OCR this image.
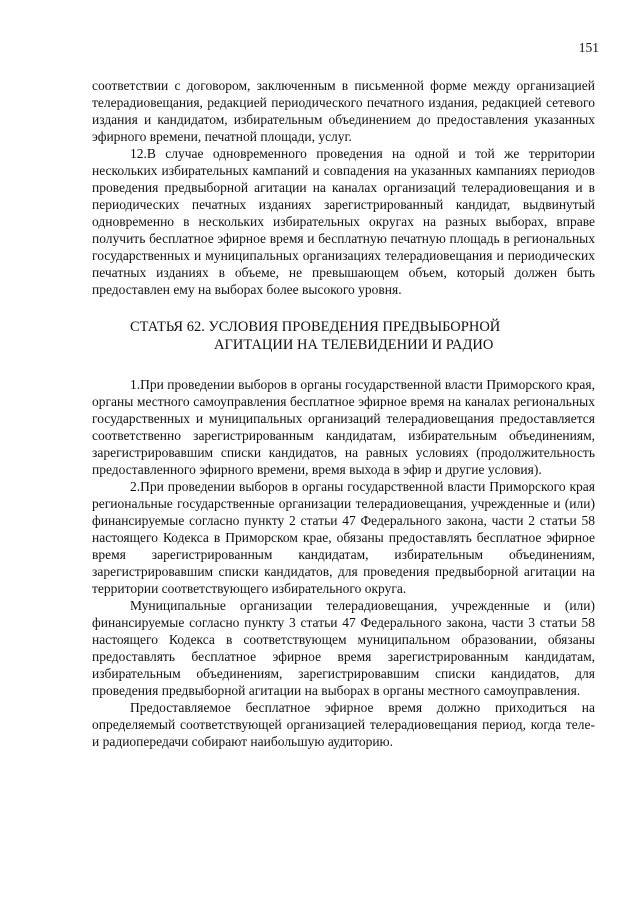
151

соответствии с договором, заключенным в письменной форме между организацией телерадиовещания, редакцией периодического печатного издания, редакцией сетевого издания и кандидатом, избирательным объединением до предоставления указанных эфирного времени, печатной площади, услуг.

12.В случае одновременного проведения на одной и той же территории нескольких избирательных кампаний и совпадения на указанных кампаниях периодов проведения предвыборной агитации на каналах организаций телерадиовещания и в периодических печатных изданиях зарегистрированный кандидат, выдвинутый одновременно в нескольких избирательных округах на разных выборах, вправе получить бесплатное эфирное время и бесплатную печатную площадь в региональных государственных и муниципальных организациях телерадиовещания и периодических печатных изданиях в объеме, не превышающем объем, который должен быть предоставлен ему на выборах более высокого уровня.

СТАТЬЯ 62. УСЛОВИЯ ПРОВЕДЕНИЯ ПРЕДВЫБОРНОЙ
АГИТАЦИИ НА ТЕЛЕВИДЕНИИ И РАДИО

1.При проведении выборов в органы государственной власти Приморского края, органы местного самоуправления бесплатное эфирное время на каналах региональных государственных и муниципальных организаций телерадиовещания предоставляется соответственно зарегистрированным кандидатам, избирательным объединениям, зарегистрировавшим списки кандидатов, на равных условиях (продолжительность предоставленного эфирного времени, время выхода в эфир и другие условия).

2.При проведении выборов в органы государственной власти Приморского края региональные государственные организации телерадиовещания, учрежденные и (или) финансируемые согласно пункту 2 статьи 47 Федерального закона, части 2 статьи 58 настоящего Кодекса в Приморском крае, обязаны предоставлять бесплатное эфирное время зарегистрированным кандидатам, избирательным объединениям, зарегистрировавшим списки кандидатов, для проведения предвыборной агитации на территории соответствующего избирательного округа.

Муниципальные организации телерадиовещания, учрежденные и (или) финансируемые согласно пункту 3 статьи 47 Федерального закона, части 3 статьи 58 настоящего Кодекса в соответствующем муниципальном образовании, обязаны предоставлять бесплатное эфирное время зарегистрированным кандидатам, избирательным объединениям, зарегистрировавшим списки кандидатов, для проведения предвыборной агитации на выборах в органы местного самоуправления.

Предоставляемое бесплатное эфирное время должно приходиться на определяемый соответствующей организацией телерадиовещания период, когда теле- и радиопередачи собирают наибольшую аудиторию.
